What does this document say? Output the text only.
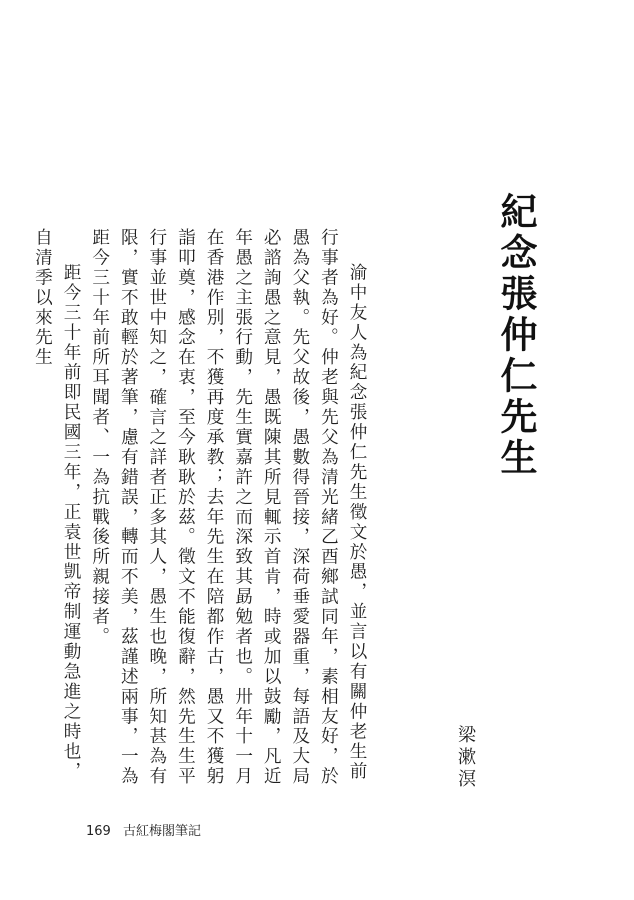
紀念張仲仁先生
梁漱溟

渝中友人為紀念張仲仁先生徵文於愚，並言以有關仲老生前行事者為好。仲老與先父為清光緒乙酉鄉試同年，素相友好，於愚為父執。先父故後，愚數得晉接，深荷垂愛器重，每語及大局必諮詢愚之意見，愚既陳其所見輒示首肯，時或加以鼓勵，凡近年愚之主張行動，先生實嘉許之而深致其勗勉者也。卅年十一月在香港作別，不獲再度承教；去年先生在陪都作古，愚又不獲躬詣叩奠，感念在衷，至今耿耿於茲。徵文不能復辭，然先生生平行事並世中知之，確言之詳者正多其人，愚生也晚，所知甚為有限，實不敢輕於著筆，慮有錯誤，轉而不美，茲謹述兩事，一為距今三十年前所耳聞者、一為抗戰後所親接者。

距今三十年前即民國三年，正袁世凱帝制運動急進之時也，自清季以來先生

169 古紅梅閣筆記
